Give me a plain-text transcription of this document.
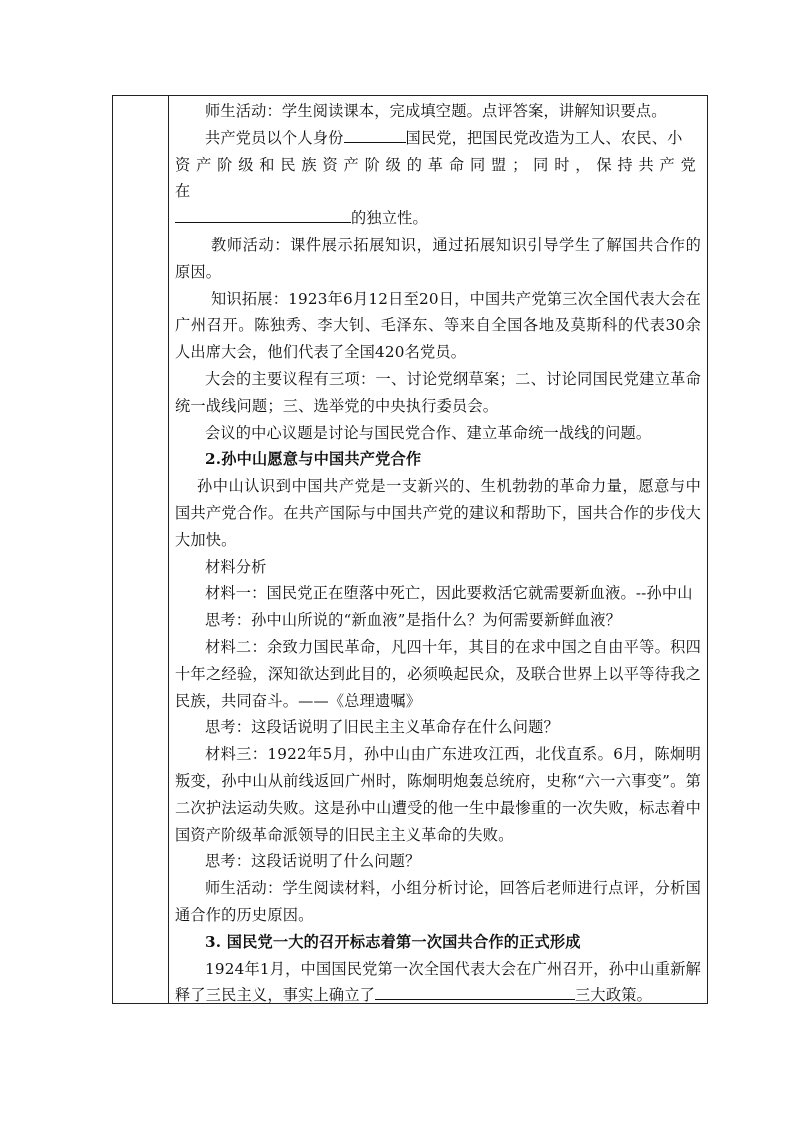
师生活动：学生阅读课本，完成填空题。点评答案，讲解知识要点。

共产党员以个人身份	国民党，把国民党改造为工人、农民、小

资产阶级和民族资产阶级的革命同盟；同时，保持共产党在

的独立性。

教师活动：课件展示拓展知识，通过拓展知识引导学生了解国共合作的原因。

知识拓展：1923年6月12日至20日，中国共产党第三次全国代表大会在广州召开。陈独秀、李大钊、毛泽东、等来自全国各地及莫斯科的代表30余人出席大会，他们代表了全国420名党员。

大会的主要议程有三项：一、讨论党纲草案；二、讨论同国民党建立革命统一战线问题；三、选举党的中央执行委员会。

会议的中心议题是讨论与国民党合作、建立革命统一战线的问题。

2.孙中山愿意与中国共产党合作

孙中山认识到中国共产党是一支新兴的、生机勃勃的革命力量，愿意与中国共产党合作。在共产国际与中国共产党的建议和帮助下，国共合作的步伐大大加快。

材料分析

材料一：国民党正在堕落中死亡，因此要救活它就需要新血液。--孙中山

思考：孙中山所说的“新血液”是指什么？为何需要新鲜血液？

材料二：余致力国民革命，凡四十年，其目的在求中国之自由平等。积四十年之经验，深知欲达到此目的，必须唤起民众，及联合世界上以平等待我之民族，共同奋斗。——《总理遗嘱》

思考：这段话说明了旧民主主义革命存在什么问题？

材料三：1922年5月，孙中山由广东进攻江西，北伐直系。6月，陈炯明叛变，孙中山从前线返回广州时，陈炯明炮轰总统府，史称“六一六事变”。第二次护法运动失败。这是孙中山遭受的他一生中最惨重的一次失败，标志着中国资产阶级革命派领导的旧民主主义革命的失败。

思考：这段话说明了什么问题？

师生活动：学生阅读材料，小组分析讨论，回答后老师进行点评，分析国通合作的历史原因。

3. 国民党一大的召开标志着第一次国共合作的正式形成

1924年1月，中国国民党第一次全国代表大会在广州召开，孙中山重新解释了三民主义，事实上确立了	三大政策。
